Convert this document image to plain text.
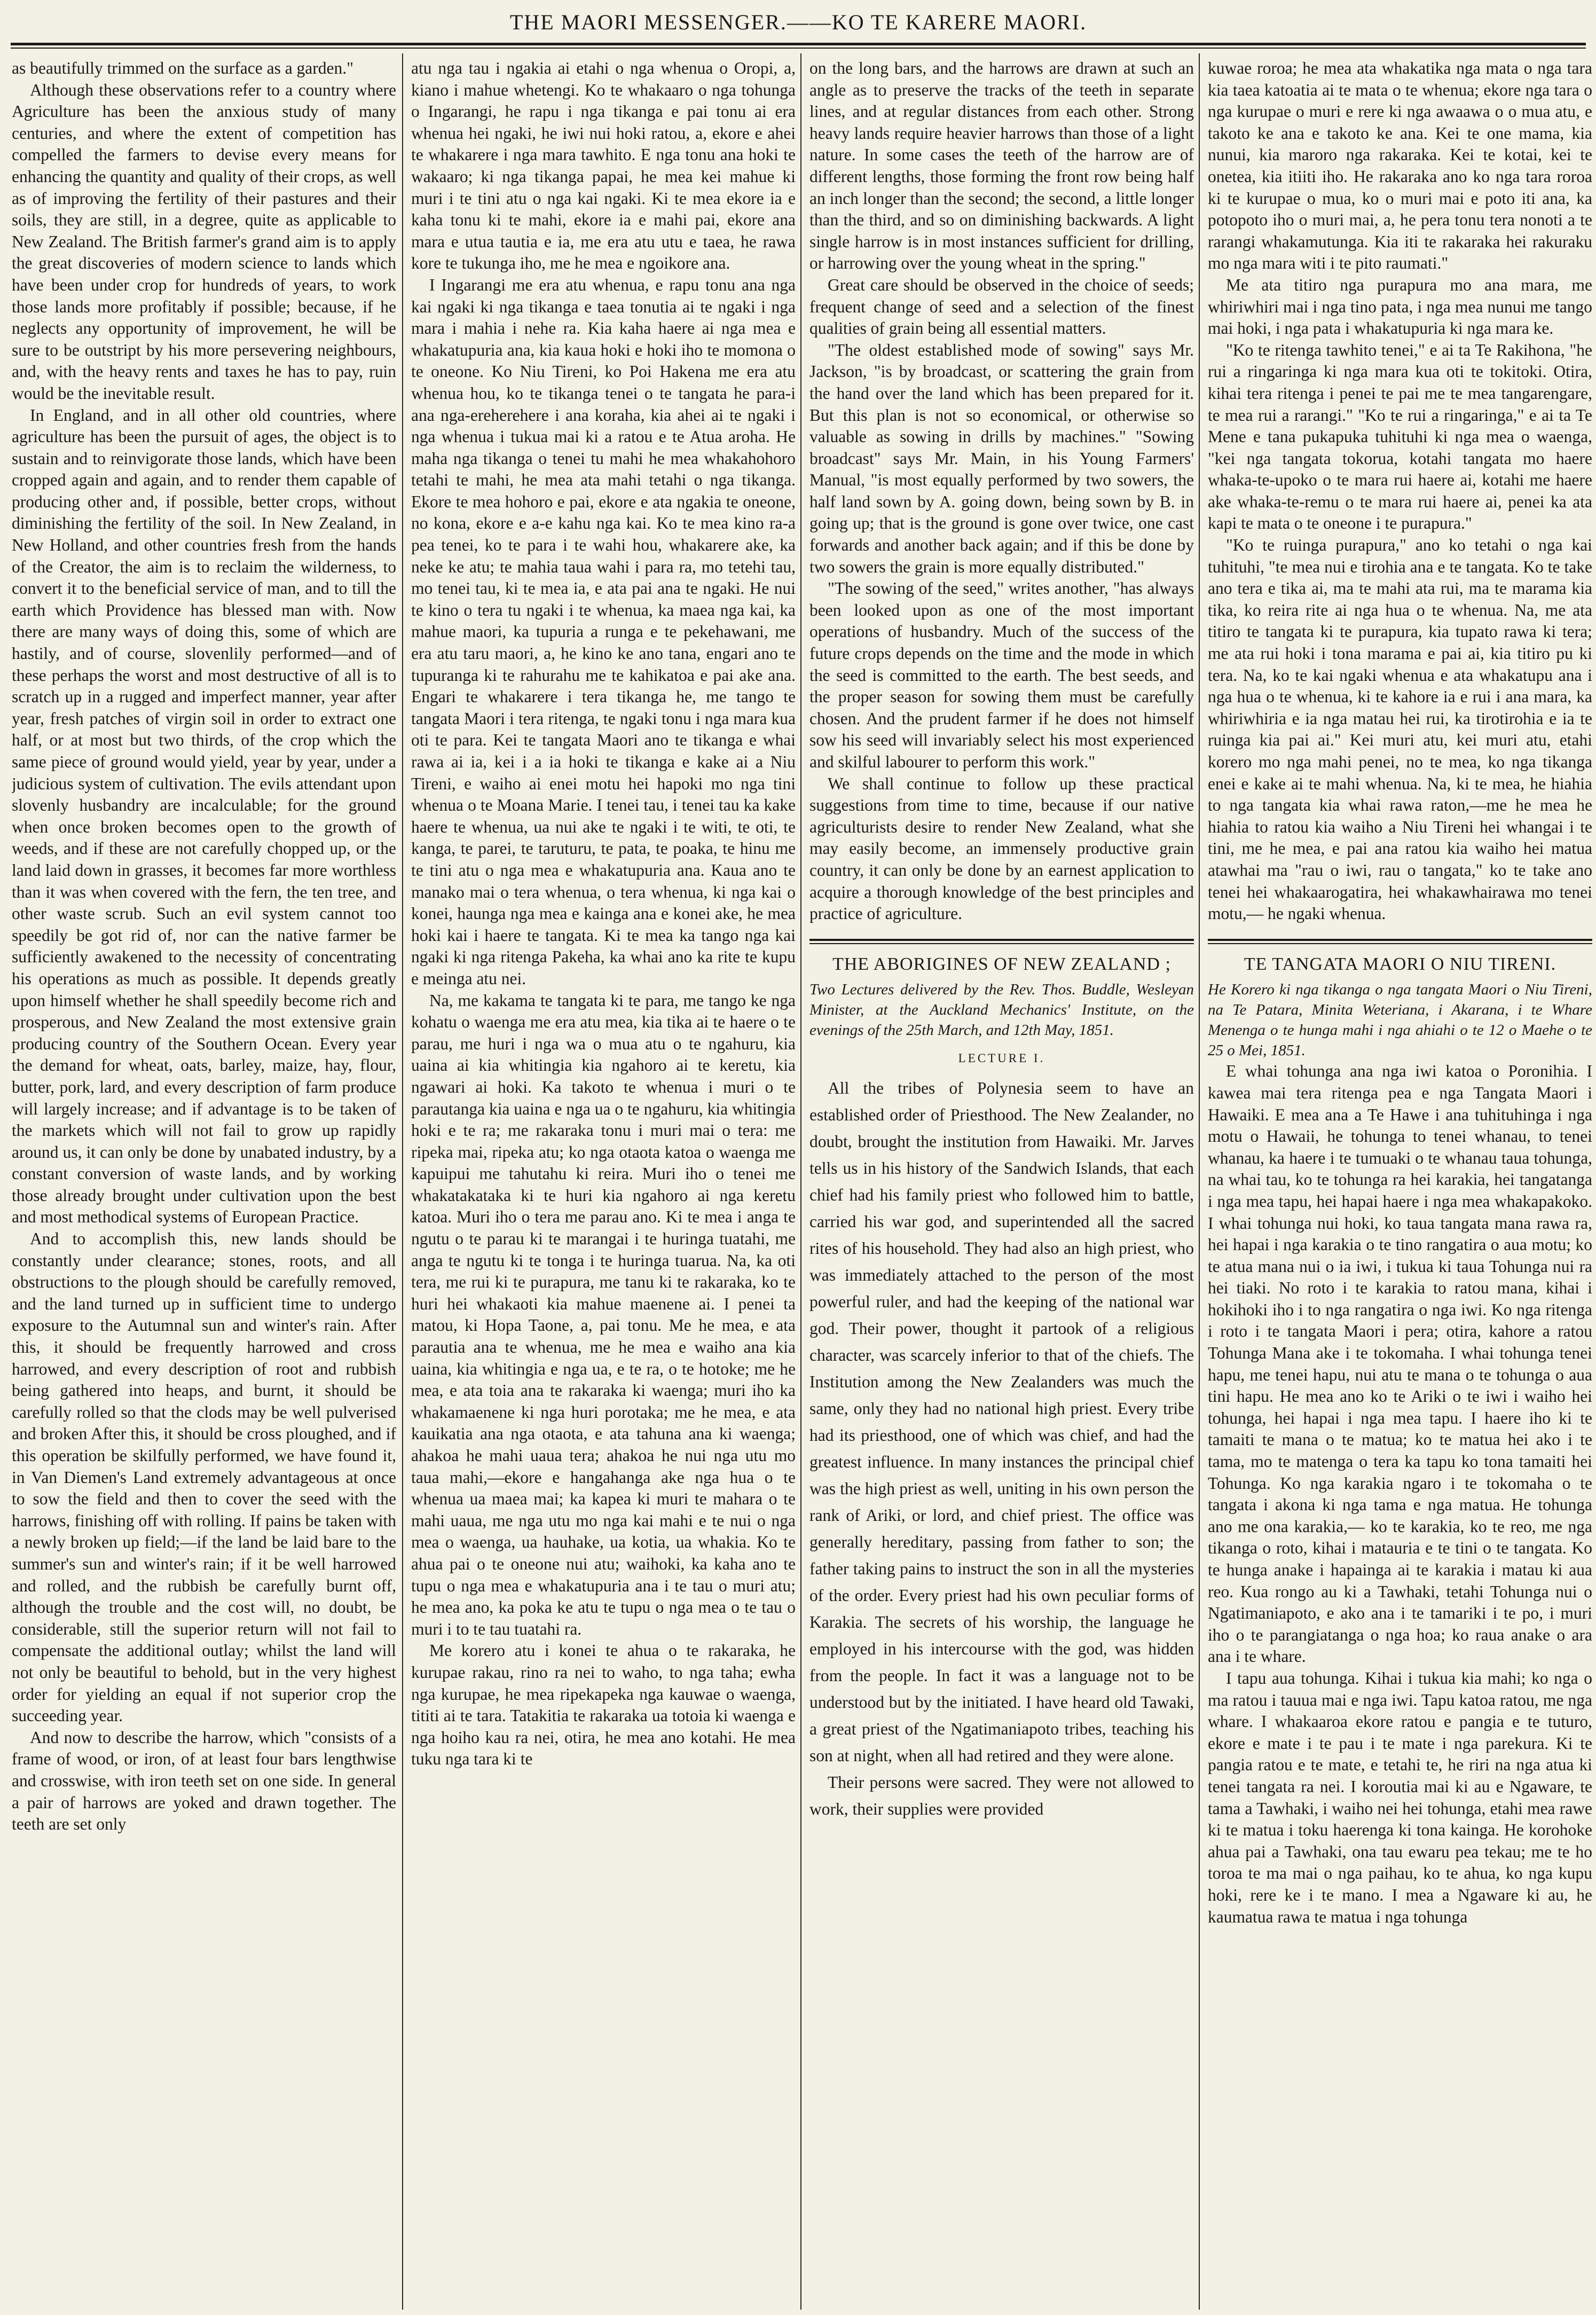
THE MAORI MESSENGER.——KO TE KARERE MAORI.

as beautifully trimmed on the surface as a garden."

Although these observations refer to a country where Agriculture has been the anxious study of many centuries, and where the extent of competition has compelled the farmers to devise every means for enhancing the quantity and quality of their crops, as well as of improving the fertility of their pastures and their soils, they are still, in a degree, quite as applicable to New Zealand. The British farmer's grand aim is to apply the great discoveries of modern science to lands which have been under crop for hundreds of years, to work those lands more profitably if possible; because, if he neglects any opportunity of improvement, he will be sure to be outstript by his more persevering neighbours, and, with the heavy rents and taxes he has to pay, ruin would be the inevitable result.

In England, and in all other old countries, where agriculture has been the pursuit of ages, the object is to sustain and to reinvigorate those lands, which have been cropped again and again, and to render them capable of producing other and, if possible, better crops, without diminishing the fertility of the soil. In New Zealand, in New Holland, and other countries fresh from the hands of the Creator, the aim is to reclaim the wilderness, to convert it to the beneficial service of man, and to till the earth which Providence has blessed man with. Now there are many ways of doing this, some of which are hastily, and of course, slovenlily performed—and of these perhaps the worst and most destructive of all is to scratch up in a rugged and imperfect manner, year after year, fresh patches of virgin soil in order to extract one half, or at most but two thirds, of the crop which the same piece of ground would yield, year by year, under a judicious system of cultivation. The evils attendant upon slovenly husbandry are incalculable; for the ground when once broken becomes open to the growth of weeds, and if these are not carefully chopped up, or the land laid down in grasses, it becomes far more worthless than it was when covered with the fern, the ten tree, and other waste scrub. Such an evil system cannot too speedily be got rid of, nor can the native farmer be sufficiently awakened to the necessity of concentrating his operations as much as possible. It depends greatly upon himself whether he shall speedily become rich and prosperous, and New Zealand the most extensive grain producing country of the Southern Ocean. Every year the demand for wheat, oats, barley, maize, hay, flour, butter, pork, lard, and every description of farm produce will largely increase; and if advantage is to be taken of the markets which will not fail to grow up rapidly around us, it can only be done by unabated industry, by a constant conversion of waste lands, and by working those already brought under cultivation upon the best and most methodical systems of European Practice.

And to accomplish this, new lands should be constantly under clearance; stones, roots, and all obstructions to the plough should be carefully removed, and the land turned up in sufficient time to undergo exposure to the Autumnal sun and winter's rain. After this, it should be frequently harrowed and cross harrowed, and every description of root and rubbish being gathered into heaps, and burnt, it should be carefully rolled so that the clods may be well pulverised and broken After this, it should be cross ploughed, and if this operation be skilfully performed, we have found it, in Van Diemen's Land extremely advantageous at once to sow the field and then to cover the seed with the harrows, finishing off with rolling. If pains be taken with a newly broken up field;—if the land be laid bare to the summer's sun and winter's rain; if it be well harrowed and rolled, and the rubbish be carefully burnt off, although the trouble and the cost will, no doubt, be considerable, still the superior return will not fail to compensate the additional outlay; whilst the land will not only be beautiful to behold, but in the very highest order for yielding an equal if not superior crop the succeeding year.

And now to describe the harrow, which "consists of a frame of wood, or iron, of at least four bars lengthwise and crosswise, with iron teeth set on one side. In general a pair of harrows are yoked and drawn together. The teeth are set only

atu nga tau i ngakia ai etahi o nga whenua o Oropi, a, kiano i mahue whetengi. Ko te whakaaro o nga tohunga o Ingarangi, he rapu i nga tikanga e pai tonu ai era whenua hei ngaki, he iwi nui hoki ratou, a, ekore e ahei te whakarere i nga mara tawhito. E nga tonu ana hoki te wakaaro; ki nga tikanga papai, he mea kei mahue ki muri i te tini atu o nga kai ngaki. Ki te mea ekore ia e kaha tonu ki te mahi, ekore ia e mahi pai, ekore ana mara e utua tautia e ia, me era atu utu e taea, he rawa kore te tukunga iho, me he mea e ngoikore ana.

I Ingarangi me era atu whenua, e rapu tonu ana nga kai ngaki ki nga tikanga e taea tonutia ai te ngaki i nga mara i mahia i nehe ra. Kia kaha haere ai nga mea e whakatupuria ana, kia kaua hoki e hoki iho te momona o te oneone. Ko Niu Tireni, ko Poi Hakena me era atu whenua hou, ko te tikanga tenei o te tangata he para-i ana nga-ereherehere i ana koraha, kia ahei ai te ngaki i nga whenua i tukua mai ki a ratou e te Atua aroha. He maha nga tikanga o tenei tu mahi he mea whakahohoro tetahi te mahi, he mea ata mahi tetahi o nga tikanga. Ekore te mea hohoro e pai, ekore e ata ngakia te oneone, no kona, ekore e a-e kahu nga kai. Ko te mea kino ra-a pea tenei, ko te para i te wahi hou, whakarere ake, ka neke ke atu; te mahia taua wahi i para ra, mo tetehi tau, mo tenei tau, ki te mea ia, e ata pai ana te ngaki. He nui te kino o tera tu ngaki i te whenua, ka maea nga kai, ka mahue maori, ka tupuria a runga e te pekehawani, me era atu taru maori, a, he kino ke ano tana, engari ano te tupuranga ki te rahurahu me te kahikatoa e pai ake ana. Engari te whakarere i tera tikanga he, me tango te tangata Maori i tera ritenga, te ngaki tonu i nga mara kua oti te para. Kei te tangata Maori ano te tikanga e whai rawa ai ia, kei i a ia hoki te tikanga e kake ai a Niu Tireni, e waiho ai enei motu hei hapoki mo nga tini whenua o te Moana Marie. I tenei tau, i tenei tau ka kake haere te whenua, ua nui ake te ngaki i te witi, te oti, te kanga, te parei, te taruturu, te pata, te poaka, te hinu me te tini atu o nga mea e whakatupuria ana. Kaua ano te manako mai o tera whenua, o tera whenua, ki nga kai o konei, haunga nga mea e kainga ana e konei ake, he mea hoki kai i haere te tangata. Ki te mea ka tango nga kai ngaki ki nga ritenga Pakeha, ka whai ano ka rite te kupu e meinga atu nei.

Na, me kakama te tangata ki te para, me tango ke nga kohatu o waenga me era atu mea, kia tika ai te haere o te parau, me huri i nga wa o mua atu o te ngahuru, kia uaina ai kia whitingia kia ngahoro ai te keretu, kia ngawari ai hoki. Ka takoto te whenua i muri o te parautanga kia uaina e nga ua o te ngahuru, kia whitingia hoki e te ra; me rakaraka tonu i muri mai o tera: me ripeka mai, ripeka atu; ko nga otaota katoa o waenga me kapuipui me tahutahu ki reira. Muri iho o tenei me whakatakataka ki te huri kia ngahoro ai nga keretu katoa. Muri iho o tera me parau ano. Ki te mea i anga te ngutu o te parau ki te marangai i te huringa tuatahi, me anga te ngutu ki te tonga i te huringa tuarua. Na, ka oti tera, me rui ki te purapura, me tanu ki te rakaraka, ko te huri hei whakaoti kia mahue maenene ai. I penei ta matou, ki Hopa Taone, a, pai tonu. Me he mea, e ata parautia ana te whenua, me he mea e waiho ana kia uaina, kia whitingia e nga ua, e te ra, o te hotoke; me he mea, e ata toia ana te rakaraka ki waenga; muri iho ka whakamaenene ki nga huri porotaka; me he mea, e ata kauikatia ana nga otaota, e ata tahuna ana ki waenga; ahakoa he mahi uaua tera; ahakoa he nui nga utu mo taua mahi,—ekore e hangahanga ake nga hua o te whenua ua maea mai; ka kapea ki muri te mahara o te mahi uaua, me nga utu mo nga kai mahi e te nui o nga mea o waenga, ua hauhake, ua kotia, ua whakia. Ko te ahua pai o te oneone nui atu; waihoki, ka kaha ano te tupu o nga mea e whakatupuria ana i te tau o muri atu; he mea ano, ka poka ke atu te tupu o nga mea o te tau o muri i to te tau tuatahi ra.

Me korero atu i konei te ahua o te rakaraka, he kurupae rakau, rino ra nei to waho, to nga taha; ewha nga kurupae, he mea ripekapeka nga kauwae o waenga, tititi ai te tara. Tatakitia te rakaraka ua totoia ki waenga e nga hoiho kau ra nei, otira, he mea ano kotahi. He mea tuku nga tara ki te

on the long bars, and the harrows are drawn at such an angle as to preserve the tracks of the teeth in separate lines, and at regular distances from each other. Strong heavy lands require heavier harrows than those of a light nature. In some cases the teeth of the harrow are of different lengths, those forming the front row being half an inch longer than the second; the second, a little longer than the third, and so on diminishing backwards. A light single harrow is in most instances sufficient for drilling, or harrowing over the young wheat in the spring."

Great care should be observed in the choice of seeds; frequent change of seed and a selection of the finest qualities of grain being all essential matters.

"The oldest established mode of sowing" says Mr. Jackson, "is by broadcast, or scattering the grain from the hand over the land which has been prepared for it. But this plan is not so economical, or otherwise so valuable as sowing in drills by machines." "Sowing broadcast" says Mr. Main, in his Young Farmers' Manual, "is most equally performed by two sowers, the half land sown by A. going down, being sown by B. in going up; that is the ground is gone over twice, one cast forwards and another back again; and if this be done by two sowers the grain is more equally distributed."

"The sowing of the seed," writes another, "has always been looked upon as one of the most important operations of husbandry. Much of the success of the future crops depends on the time and the mode in which the seed is committed to the earth. The best seeds, and the proper season for sowing them must be carefully chosen. And the prudent farmer if he does not himself sow his seed will invariably select his most experienced and skilful labourer to perform this work."

We shall continue to follow up these practical suggestions from time to time, because if our native agriculturists desire to render New Zealand, what she may easily become, an immensely productive grain country, it can only be done by an earnest application to acquire a thorough knowledge of the best principles and practice of agriculture.

THE ABORIGINES OF NEW ZEALAND ;

Two Lectures delivered by the Rev. Thos. Buddle, Wesleyan Minister, at the Auckland Mechanics' Institute, on the evenings of the 25th March, and 12th May, 1851.

LECTURE I.

All the tribes of Polynesia seem to have an established order of Priesthood. The New Zealander, no doubt, brought the institution from Hawaiki. Mr. Jarves tells us in his history of the Sandwich Islands, that each chief had his family priest who followed him to battle, carried his war god, and superintended all the sacred rites of his household. They had also an high priest, who was immediately attached to the person of the most powerful ruler, and had the keeping of the national war god. Their power, thought it partook of a religious character, was scarcely inferior to that of the chiefs. The Institution among the New Zealanders was much the same, only they had no national high priest. Every tribe had its priesthood, one of which was chief, and had the greatest influence. In many instances the principal chief was the high priest as well, uniting in his own person the rank of Ariki, or lord, and chief priest. The office was generally hereditary, passing from father to son; the father taking pains to instruct the son in all the mysteries of the order. Every priest had his own peculiar forms of Karakia. The secrets of his worship, the language he employed in his intercourse with the god, was hidden from the people. In fact it was a language not to be understood but by the initiated. I have heard old Tawaki, a great priest of the Ngatimaniapoto tribes, teaching his son at night, when all had retired and they were alone.

Their persons were sacred. They were not allowed to work, their supplies were provided

kuwae roroa; he mea ata whakatika nga mata o nga tara kia taea katoatia ai te mata o te whenua; ekore nga tara o nga kurupae o muri e rere ki nga awaawa o o mua atu, e takoto ke ana e takoto ke ana. Kei te one mama, kia nunui, kia maroro nga rakaraka. Kei te kotai, kei te onetea, kia itiiti iho. He rakaraka ano ko nga tara roroa ki te kurupae o mua, ko o muri mai e poto iti ana, ka potopoto iho o muri mai, a, he pera tonu tera nonoti a te rarangi whakamutunga. Kia iti te rakaraka hei rakuraku mo nga mara witi i te pito raumati."

Me ata titiro nga purapura mo ana mara, me whiriwhiri mai i nga tino pata, i nga mea nunui me tango mai hoki, i nga pata i whakatupuria ki nga mara ke.

"Ko te ritenga tawhito tenei," e ai ta Te Rakihona, "he rui a ringaringa ki nga mara kua oti te tokitoki. Otira, kihai tera ritenga i penei te pai me te mea tangarengare, te mea rui a rarangi." "Ko te rui a ringaringa," e ai ta Te Mene e tana pukapuka tuhituhi ki nga mea o waenga, "kei nga tangata tokorua, kotahi tangata mo haere whaka-te-upoko o te mara rui haere ai, kotahi me haere ake whaka-te-remu o te mara rui haere ai, penei ka ata kapi te mata o te oneone i te purapura."

"Ko te ruinga purapura," ano ko tetahi o nga kai tuhituhi, "te mea nui e tirohia ana e te tangata. Ko te take ano tera e tika ai, ma te mahi ata rui, ma te marama kia tika, ko reira rite ai nga hua o te whenua. Na, me ata titiro te tangata ki te purapura, kia tupato rawa ki tera; me ata rui hoki i tona marama e pai ai, kia titiro pu ki tera. Na, ko te kai ngaki whenua e ata whakatupu ana i nga hua o te whenua, ki te kahore ia e rui i ana mara, ka whiriwhiria e ia nga matau hei rui, ka tirotirohia e ia te ruinga kia pai ai." Kei muri atu, kei muri atu, etahi korero mo nga mahi penei, no te mea, ko nga tikanga enei e kake ai te mahi whenua. Na, ki te mea, he hiahia to nga tangata kia whai rawa raton,—me he mea he hiahia to ratou kia waiho a Niu Tireni hei whangai i te tini, me he mea, e pai ana ratou kia waiho hei matua atawhai ma "rau o iwi, rau o tangata," ko te take ano tenei hei whakaarogatira, hei whakawhairawa mo tenei motu,— he ngaki whenua.

TE TANGATA MAORI O NIU TIRENI.

He Korero ki nga tikanga o nga tangata Maori o Niu Tireni, na Te Patara, Minita Weteriana, i Akarana, i te Whare Menenga o te hunga mahi i nga ahiahi o te 12 o Maehe o te 25 o Mei, 1851.

E whai tohunga ana nga iwi katoa o Poronihia. I kawea mai tera ritenga pea e nga Tangata Maori i Hawaiki. E mea ana a Te Hawe i ana tuhituhinga i nga motu o Hawaii, he tohunga to tenei whanau, to tenei whanau, ka haere i te tumuaki o te whanau taua tohunga, na whai tau, ko te tohunga ra hei karakia, hei tangatanga i nga mea tapu, hei hapai haere i nga mea whakapakoko. I whai tohunga nui hoki, ko taua tangata mana rawa ra, hei hapai i nga karakia o te tino rangatira o aua motu; ko te atua mana nui o ia iwi, i tukua ki taua Tohunga nui ra hei tiaki. No roto i te karakia to ratou mana, kihai i hokihoki iho i to nga rangatira o nga iwi. Ko nga ritenga i roto i te tangata Maori i pera; otira, kahore a ratou Tohunga Mana ake i te tokomaha. I whai tohunga tenei hapu, me tenei hapu, nui atu te mana o te tohunga o aua tini hapu. He mea ano ko te Ariki o te iwi i waiho hei tohunga, hei hapai i nga mea tapu. I haere iho ki te tamaiti te mana o te matua; ko te matua hei ako i te tama, mo te matenga o tera ka tapu ko tona tamaiti hei Tohunga. Ko nga karakia ngaro i te tokomaha o te tangata i akona ki nga tama e nga matua. He tohunga ano me ona karakia,— ko te karakia, ko te reo, me nga tikanga o roto, kihai i matauria e te tini o te tangata. Ko te hunga anake i hapainga ai te karakia i matau ki aua reo. Kua rongo au ki a Tawhaki, tetahi Tohunga nui o Ngatimaniapoto, e ako ana i te tamariki i te po, i muri iho o te parangiatanga o nga hoa; ko raua anake o ara ana i te whare.

I tapu aua tohunga. Kihai i tukua kia mahi; ko nga o ma ratou i tauua mai e nga iwi. Tapu katoa ratou, me nga whare. I whakaaroa ekore ratou e pangia e te tuturo, ekore e mate i te pau i te mate i nga parekura. Ki te pangia ratou e te mate, e tetahi te, he riri na nga atua ki tenei tangata ra nei. I koroutia mai ki au e Ngaware, te tama a Tawhaki, i waiho nei hei tohunga, etahi mea rawe ki te matua i toku haerenga ki tona kainga. He korohoke ahua pai a Tawhaki, ona tau ewaru pea tekau; me te ho toroa te ma mai o nga paihau, ko te ahua, ko nga kupu hoki, rere ke i te mano. I mea a Ngaware ki au, he kaumatua rawa te matua i nga tohunga
